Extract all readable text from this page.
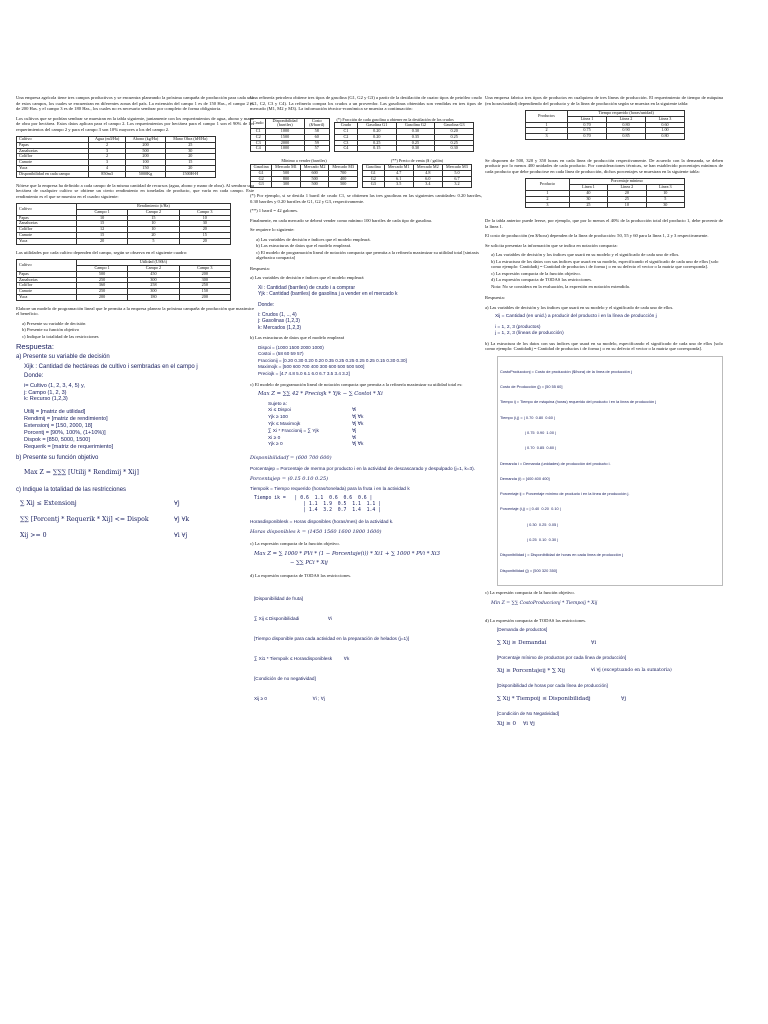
Una empresa agrícola tiene tres campos productivos y se encuentra planeando la próxima campaña de producción para cada uno de estos campos, los cuales se encuentran en diferentes zonas del país. La extensión del campo 1 es de 150 Has., el campo 2 es de 200 Has. y el campo 3 es de 180 Has., los cuales no es necesario sembrar por completo de forma obligatoria.

Los cultivos que se podrían sembrar se muestran en la tabla siguiente, juntamente con los requerimientos de agua, abono y mano de obra por hectárea. Estos datos aplican para el campo 2. Los requerimientos por hectárea para el campo 1 son el 90% de los requerimientos del campo 2 y para el campo 3 son 10% mayores a los del campo 2.

Cultivo	Agua (m3/Ha)	Abono (kg/Ha)	Mano Obra (hH/Ha)
Papas	2	200	25
Zanahorias	3	500	30
Coliflor	2	200	20
Camote	3	100	15
Yuca	4	150	20
Disponibilidad en cada campo	850m3	5000Kg	1500H-H

Nótese que la empresa ha definido a cada campo de la misma cantidad de recursos (agua, abono y mano de obra). Al sembrar una hectárea de cualquier cultivo se obtiene un cierto rendimiento en toneladas de producto, que varía en cada campo. Este rendimiento es el que se muestra en el cuadro siguiente:

Cultivo	Rendimiento (t/Ha)		
	Campo 1	Campo 2	Campo 3
Papas	10	15	10
Zanahorias	15	10	30
Coliflor	12	10	20
Camote	15	20	15
Yuca	20	5	20

Las utilidades por cada cultivo dependen del campo, según se observa en el siguiente cuadro:

Cultivo	Utilidad (US$/t)		
	Campo 1	Campo 2	Campo 3
Papas	500	450	200
Zanahorias	250	300	300
Coliflor	360	258	250
Camote	250	300	150
Yuca	200	180	200

Elabore un modelo de programación lineal que le permita a la empresa planear la próxima campaña de producción que maximice el beneficio.

a) Presente su variable de decisión
b) Presente su función objetivo
c) Indique la totalidad de las restricciones
Respuesta:
a) Presente su variable de decisión
Xijk : Cantidad de hectáreas de cultivo i sembradas en el campo j
Donde:
i= Cultivo (1, 2, 3, 4, 5) y,
j: Campo (1, 2, 3)
k: Recurso (1,2,3)
Utilij = [matriz de utilidad]
Rendimij = [matriz de rendimiento]
Extensionj = [150, 2000, 18]
Porcentj = [90%, 100%, (1+10%)]
Dispok = [850, 5000, 1500]
Requerik = [matriz de requerimiento]
b) Presente su función objetivo
Max Z = ∑∑∑ [Utilij * Rendimij * Xij]
c) Indique la totalidad de las restricciones
∑ Xij ≤ Extensionj	∀j
∑∑ [Porcentj * Requerik * Xij] <= Dispok	∀j ∀k
Xij >= 0	∀i ∀j

Una refinería petrolera obtiene tres tipos de gasolina (G1, G2 y G3) a partir de la destilación de cuatro tipos de petróleo crudo (C1, C2, C3 y C4). La refinería compra los crudos a un proveedor. Las gasolinas obtenidas son vendidas en tres tipos de mercado (M1, M2 y M3). La información técnico-económica se muestra a continuación:

Crudo	Disponibilidad (barriles)	Costo ($/barril)
C1	1000	58
C2	1500	60
C3	2000	59
C4	1000	57
(*) Fracción de cada gasolina a obtener en la destilación de los crudos			
Crudo	Gasolina G1	Gasolina G2	Gasolina G3
C1	0.20	0.30	0.20
C2	0.20	0.35	0.25
C3	0.25	0.25	0.25
C4	0.15	0.30	0.30
Mínimo a vender (barriles)			
Gasolina	Mercado M1	Mercado M2	Mercado M3
G1	500	600	700
G2	800	500	400
G3	300	500	500
(**) Precio de venta ($ / galón)			
Gasolina	Mercado M1	Mercado M2	Mercado M3
G1	4.7	4.8	5.0
G2	6.1	6.0	6.7
G3	3.5	3.4	3.2

(*) Por ejemplo, si se destila 1 barril de crudo C1, se obtienen las tres gasolinas en las siguientes cantidades: 0.20 barriles, 0.30 barriles y 0.20 barriles de G1, G2 y G3, respectivamente.

(**) 1 barril = 42 galones.

Finalmente, en cada mercado se deberá vender como mínimo 100 barriles de cada tipo de gasolina.

Se requiere lo siguiente:

a) Las variables de decisión e índices que el modelo empleará.
b) Las estructuras de datos que el modelo empleará.
c) El modelo de programación lineal de notación compacta que permita a la refinería maximizar su utilidad total [sintaxis algebraica compacta]

Respuesta:

a) Las variables de decisión e índices que el modelo empleará

Xi : Cantidad (barriles) de crudo i a comprar
Yjk : Cantidad (barriles) de gasolina j a vender en el mercado k
Donde:
i: Crudos (1, .., 4)
j: Gasolinas (1,2,3)
k: Mercados (1,2,3)

b) Las estructuras de datos que el modelo empleará

Dispoi = (1000 1500 2000 1000)
Costoi = (58 60 59 57)
Fraccionij = [0.20 0.30 0.20 0.20 0.35 0.25 0.25 0.25 0.25 0.15 0.30 0.30]
Maximojk = [500 600 700 400 300 600 500 500 500]
Preciojk = [4.7 4.8 5.0 6.1 6.0 6.7 3.5 3.4 3.2]

c) El modelo de programación lineal de notación compacta que permita a la refinería maximizar su utilidad total es:

Max Z = ∑∑ 42 * Preciojk * Yjk − ∑ Costoi * Xi
Sujeto a:
Xi ≤ Dispoi	∀i
Yjk ≥ 100	∀j ∀k
Yjk ≤ Maximojk	∀j ∀k
∑ Xi * Fraccionij = ∑ Yjk	∀j
Xi ≥ 0	∀i
Yjk ≥ 0	∀j ∀k
Disponibilidadf = (600 700 600)
Porcentajep = Porcentaje de merma por producto i en la actividad de descascarado y despulpado (j=1, k=3).
Porcentajep = (0.15 0.10 0.25)
Tiempoik = Tiempo requerido (horas/tonelada) para la fruta i en la actividad k
Tiempo ik =   | 0.6  1.1  0.6  0.6  0.6 |
| 1.1  1.9  0.5  1.1  1.1 |
| 1.4  3.2  0.7  1.4  1.4 |
Horasdisponiblesk = Horas disponibles (horas/mes) de la actividad k.
Horas disponibles k = (1450 1560 1600 1800 1600)

c) La expresión compacta de la función objetivo.

Max Z = ∑ 1000 * PVi * (1 − Porcentaje(i)) * Xi1 + ∑ 1000 * PVi * Xi3
− ∑∑ PCi * Xij

d) La expresión compacta de TODAS las restricciones.

[Disponibilidad de fruta]

∑ Xij ≤ Disponibilidadi                      ∀i

[Tiempo disponible para cada actividad en la preparación de helados (j=1)]

∑ Xi1 * Tiempoik ≤ Horasdisponiblesk         ∀k

[Condición de no negatividad]

Xij ≥ 0                                   ∀i ; ∀j

Una empresa fabrica tres tipos de productos en cualquiera de tres líneas de producción. El requerimiento de tiempo de máquina (en horas/unidad) dependiendo del producto y de la línea de producción según se muestra en la siguiente tabla:

Productos	Tiempo requerido (horas/unidad)		
	Línea 1	Línea 2	Línea 3
1	0.70	0.80	0.60
2	0.75	0.90	1.00
3	0.70	0.85	0.80

Se disponen de 500, 320 y 350 horas en cada línea de producción respectivamente. De acuerdo con la demanda, se deben producir por lo menos 400 unidades de cada producto. Por consideraciones técnicas, se han establecido porcentajes mínimos de cada producto que debe producirse en cada línea de producción, dichos porcentajes se muestran en la siguiente tabla:

Producto	Porcentaje mínimo		
	Línea 1	Línea 2	Línea 3
1	40	20	10
2	30	25	5
3	25	10	30

De la tabla anterior puede leerse, por ejemplo, que por lo menos el 40% de la producción total del producto 1, debe provenir de la línea 1.

El costo de producción (en $/hora) dependen de la línea de producción: 50, 55 y 60 para la línea 1, 2 y 3 respectivamente.

Se solicita presentar la información que se indica en notación compacta:

a) Las variables de decisión y los índices que usará en su modelo y el significado de cada uno de ellos.
b) La estructura de los datos con sus índices que usará en su modelo, especificando el significado de cada uno de ellos [solo como ejemplo: Cantidadij = Cantidad de productos i de forma j o en su defecto el vector o la matriz que corresponda].
c) La expresión compacta de la función objetivo.
d) La expresión compacta de TODAS las restricciones.
Nota: No se considera en la evaluación, la expresión en notación extendida.

Respuesta:

a) Las variables de decisión y los índices que usará en su modelo y el significado de cada uno de ellos.

Xij = Cantidad (en unid.) a producir del producto i en la línea de producción j
i = 1, 2, 3 (productos)
j = 1, 2, 3 (líneas de producción)

b) La estructura de los datos con sus índices que usará en su modelo, especificando el significado de cada uno de ellos [solo como ejemplo: Cantidadij = Cantidad de productos i de forma j o en su defecto el vector o la matriz que corresponda].

CostoProduccionj = Costo de producción ($/hora) de la línea de producción j

Costo de Producción (j) = [50 55 60]

Tiempo ij = Tiempo de máquina (horas) requerido del producto i en la línea de producción j

Tiempo (i,j) = | 0.70  0.80  0.60 |

| 0.75  0.90  1.00 |

| 0.70  0.85  0.80 |

Demanda i = Demanda (unidades) de producción del producto i.

Demanda (i) = [400 400 400]

Porcentaje ij = Porcentaje mínimo de producto i en la línea de producción j.

Porcentaje (i,j) = | 0.40  0.20  0.10 |

| 0.30  0.25  0.05 |

| 0.25  0.10  0.30 |

Disponibilidad j = Disponibilidad de horas en cada línea de producción j

Disponibilidad (j) = [500 320 350]

c) La expresión compacta de la función objetivo.

Min Z = ∑∑ CostoProduccionj * Tiempoij * Xij

d) La expresión compacta de TODAS las restricciones.

[Demanda de productos]
∑ Xij ≥ Demandai	∀i
[Porcentaje mínimo de productos por cada línea de producción]
Xij ≥ Porcentajeij * ∑ Xij	∀i ∀j (exceptuando en la sumatoria)
[Disponibilidad de horas por cada línea de producción]
∑ Xij * Tiempoij ≤ Disponibilidadj	∀j
[Condición de No Negatividad]
Xij ≥ 0    ∀i ∀j
